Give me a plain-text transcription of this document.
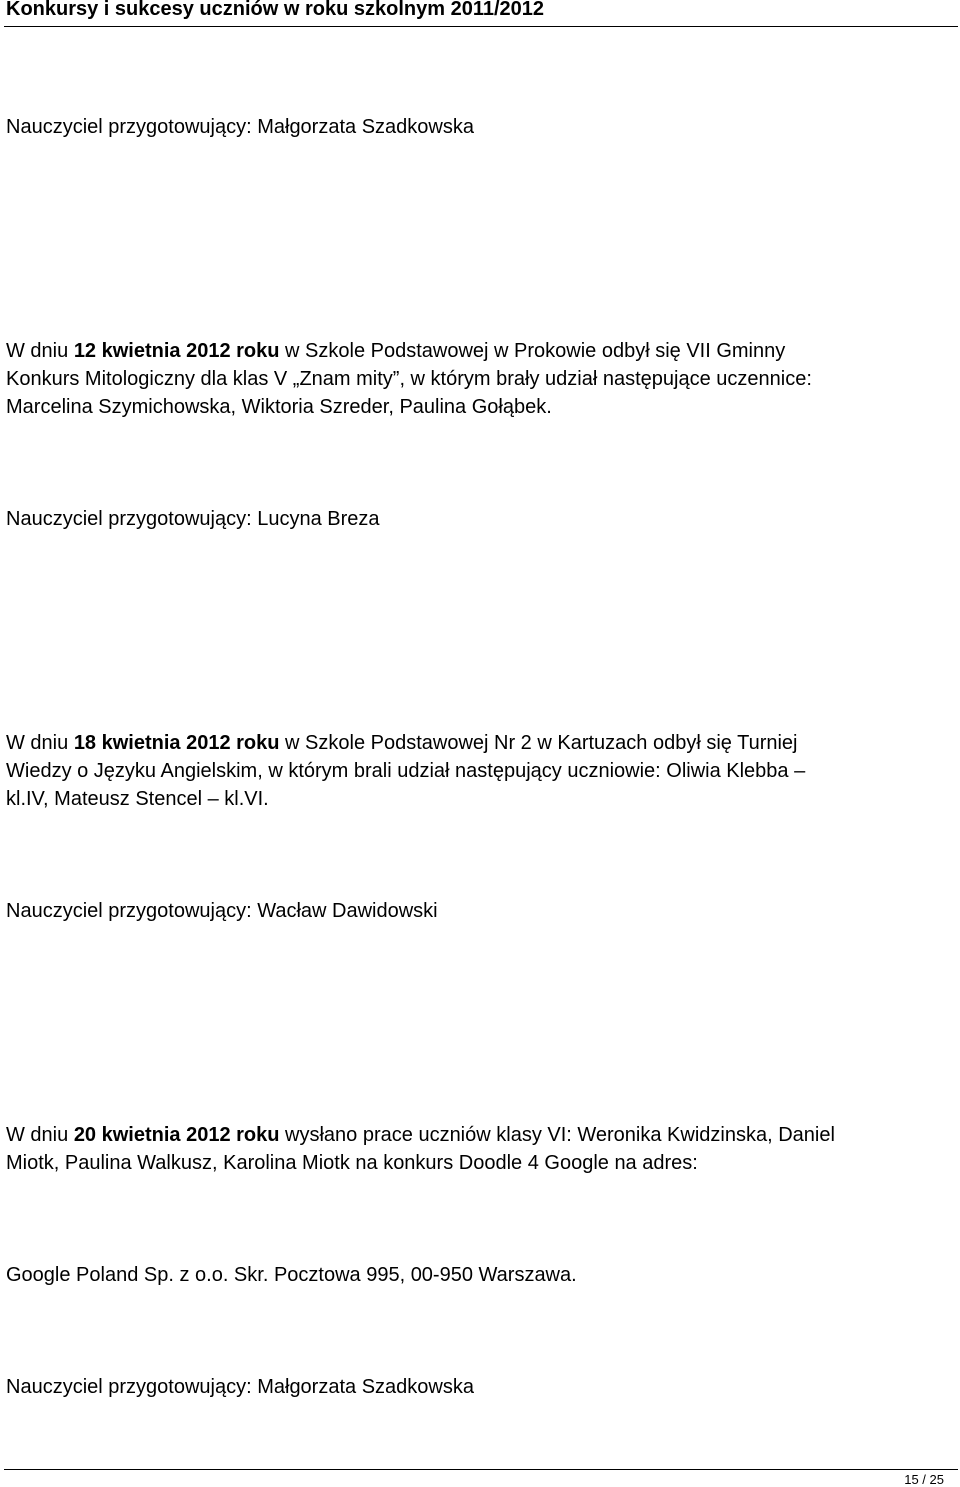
Konkursy i sukcesy uczniów w roku szkolnym 2011/2012
Nauczyciel przygotowujący: Małgorzata Szadkowska
W dniu 12 kwietnia 2012 roku w Szkole Podstawowej w Prokowie odbył się VII Gminny
Konkurs Mitologiczny dla klas V „Znam mity”, w którym brały udział następujące uczennice:
Marcelina Szymichowska, Wiktoria Szreder, Paulina Gołąbek.
Nauczyciel przygotowujący: Lucyna Breza
W dniu 18 kwietnia 2012 roku w Szkole Podstawowej Nr 2 w Kartuzach odbył się Turniej
Wiedzy o Języku Angielskim, w którym brali udział następujący uczniowie: Oliwia Klebba –
kl.IV, Mateusz Stencel – kl.VI.
Nauczyciel przygotowujący: Wacław Dawidowski
W dniu 20 kwietnia 2012 roku wysłano prace uczniów klasy VI: Weronika Kwidzinska, Daniel
Miotk, Paulina Walkusz, Karolina Miotk na konkurs Doodle 4 Google na adres:
Google Poland Sp. z o.o. Skr. Pocztowa 995, 00-950 Warszawa.
Nauczyciel przygotowujący: Małgorzata Szadkowska
15 / 25
